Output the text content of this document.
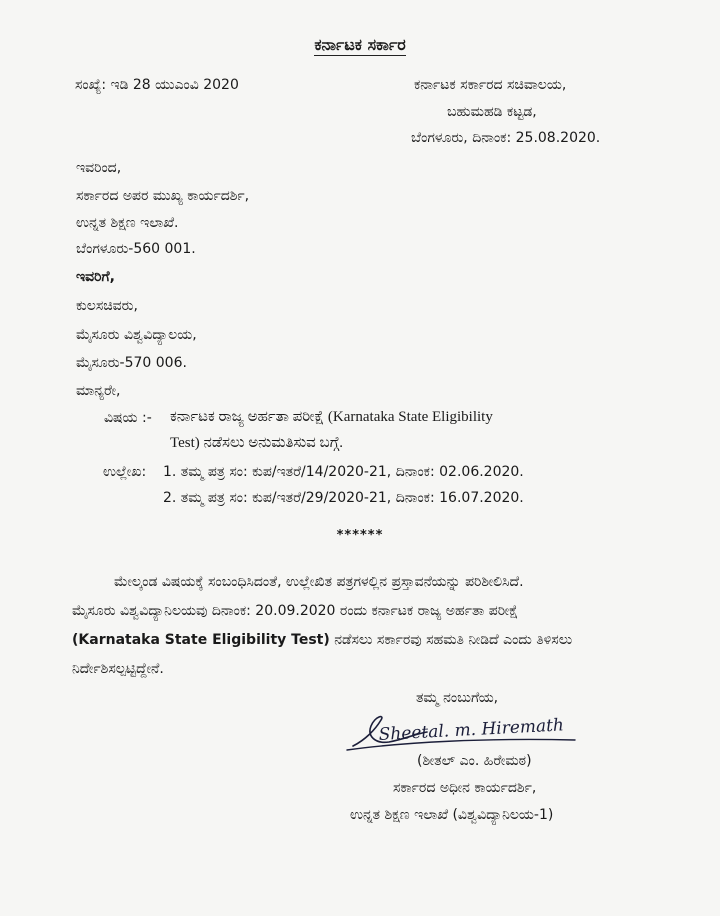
ಕರ್ನಾಟಕ ಸರ್ಕಾರ
ಸಂಖ್ಯೆ: ಇಡಿ 28 ಯುಎಂವಿ 2020	ಕರ್ನಾಟಕ ಸರ್ಕಾರದ ಸಚಿವಾಲಯ,
ಬಹುಮಹಡಿ ಕಟ್ಟಡ,
ಬೆಂಗಳೂರು, ದಿನಾಂಕ: 25.08.2020.
ಇವರಿಂದ,
ಸರ್ಕಾರದ ಅಪರ ಮುಖ್ಯ ಕಾರ್ಯದರ್ಶಿ,
ಉನ್ನತ ಶಿಕ್ಷಣ ಇಲಾಖೆ.
ಬೆಂಗಳೂರು-560 001.
ಇವರಿಗೆ,
ಕುಲಸಚಿವರು,
ಮೈಸೂರು ವಿಶ್ವವಿದ್ಯಾಲಯ,
ಮೈಸೂರು-570 006.
ಮಾನ್ಯರೇ,
ವಿಷಯ :- ಕರ್ನಾಟಕ ರಾಜ್ಯ ಅರ್ಹತಾ ಪರೀಕ್ಷೆ (Karnataka State Eligibility
Test) ನಡೆಸಲು ಅನುಮತಿಸುವ ಬಗ್ಗೆ.
ಉಲ್ಲೇಖ: 1. ತಮ್ಮ ಪತ್ರ ಸಂ: ಕುಪ/ಇತರೆ/14/2020-21, ದಿನಾಂಕ: 02.06.2020.
2. ತಮ್ಮ ಪತ್ರ ಸಂ: ಕುಪ/ಇತರೆ/29/2020-21, ದಿನಾಂಕ: 16.07.2020.
******
ಮೇಲ್ಕಂಡ ವಿಷಯಕ್ಕೆ ಸಂಬಂಧಿಸಿದಂತೆ, ಉಲ್ಲೇಖಿತ ಪತ್ರಗಳಲ್ಲಿನ ಪ್ರಸ್ತಾವನೆಯನ್ನು ಪರಿಶೀಲಿಸಿದೆ.
ಮೈಸೂರು ವಿಶ್ವವಿದ್ಯಾನಿಲಯವು ದಿನಾಂಕ: 20.09.2020 ರಂದು ಕರ್ನಾಟಕ ರಾಜ್ಯ ಅರ್ಹತಾ ಪರೀಕ್ಷೆ
(Karnataka State Eligibility Test) ನಡೆಸಲು ಸರ್ಕಾರವು ಸಹಮತಿ ನೀಡಿದೆ ಎಂದು ತಿಳಿಸಲು
ನಿರ್ದೇಶಿಸಲ್ಪಟ್ಟಿದ್ದೇನೆ.
ತಮ್ಮ ನಂಬುಗೆಯ,
Sheetal. m. Hiremath
(ಶೀತಲ್ ಎಂ. ಹಿರೇಮಠ)
ಸರ್ಕಾರದ ಅಧೀನ ಕಾರ್ಯದರ್ಶಿ,
ಉನ್ನತ ಶಿಕ್ಷಣ ಇಲಾಖೆ (ವಿಶ್ವವಿದ್ಯಾನಿಲಯ-1)
